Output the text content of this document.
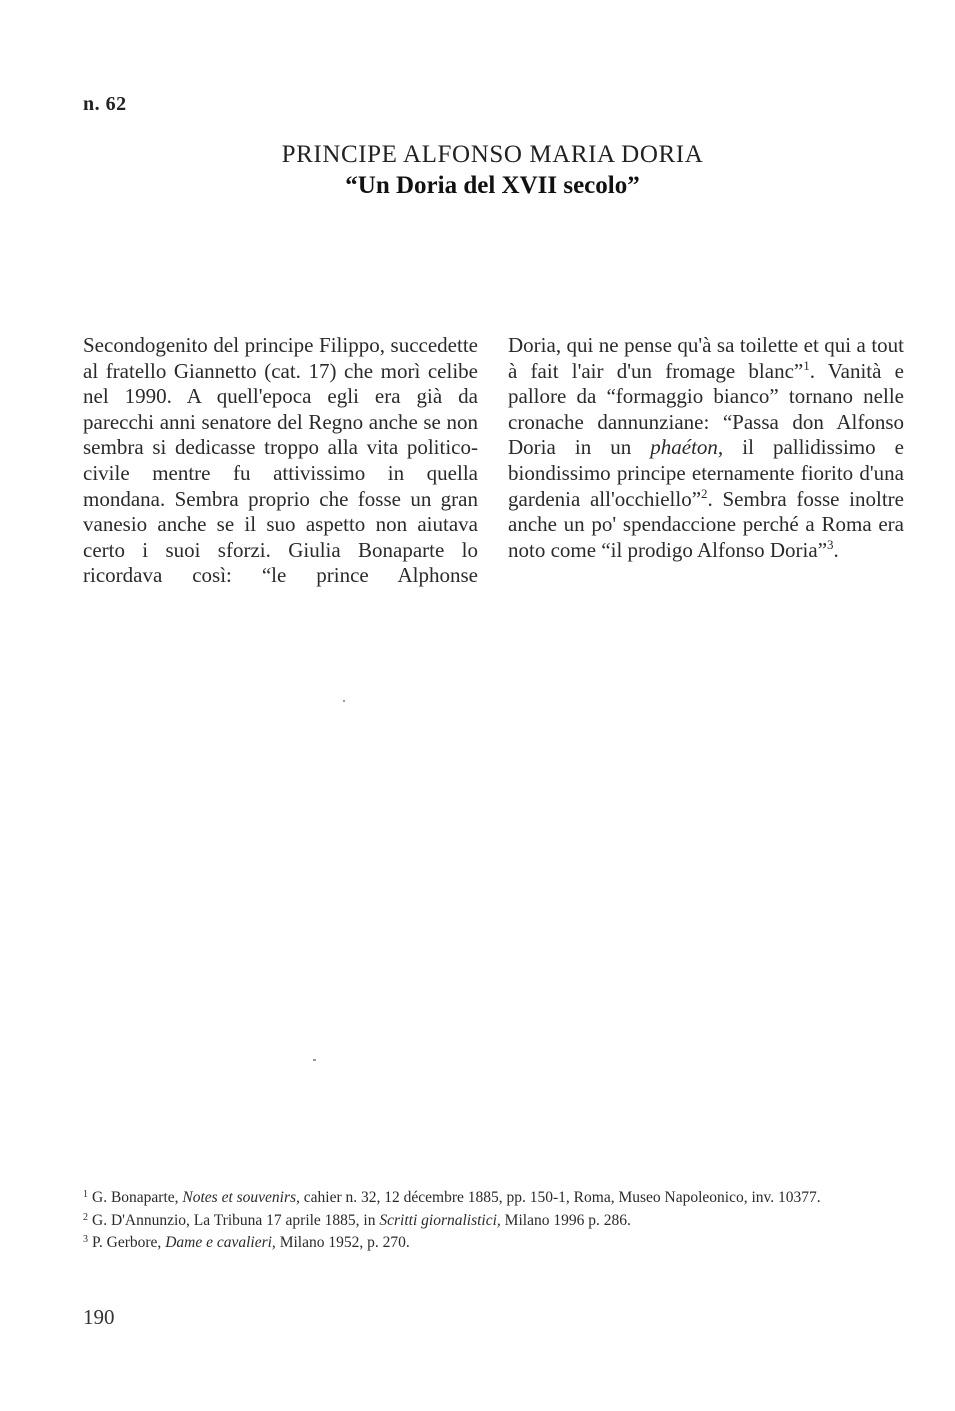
n. 62
PRINCIPE ALFONSO MARIA DORIA
“Un Doria del XVII secolo”

Secondogenito del principe Filippo, succedette al fratello Giannetto (cat. 17) che morì celibe nel 1990. A quell'epoca egli era già da parecchi anni senatore del Regno anche se non sembra si dedicasse troppo alla vita politico-civile mentre fu attivissimo in quella mondana. Sembra proprio che fosse un gran vanesio anche se il suo aspetto non aiutava certo i suoi sforzi. Giulia Bonaparte lo ricordava così: “le prince Alphonse

Doria, qui ne pense qu'à sa toilette et qui a tout à fait l'air d'un fromage blanc”$^1$. Vanità e pallore da “formaggio bianco” tornano nelle cronache dannunziane: “Passa don Alfonso Doria in un phaéton, il pallidissimo e biondissimo principe eternamente fiorito d'una gardenia all'occhiello”$^2$. Sembra fosse inoltre anche un po' spendaccione perché a Roma era noto come “il prodigo Alfonso Doria”$^3$.

$^1$ G. Bonaparte, Notes et souvenirs, cahier n. 32, 12 décembre 1885, pp. 150-1, Roma, Museo Napoleonico, inv. 10377.

$^2$ G. D'Annunzio, La Tribuna 17 aprile 1885, in Scritti giornalistici, Milano 1996 p. 286.

$^3$ P. Gerbore, Dame e cavalieri, Milano 1952, p. 270.

190
